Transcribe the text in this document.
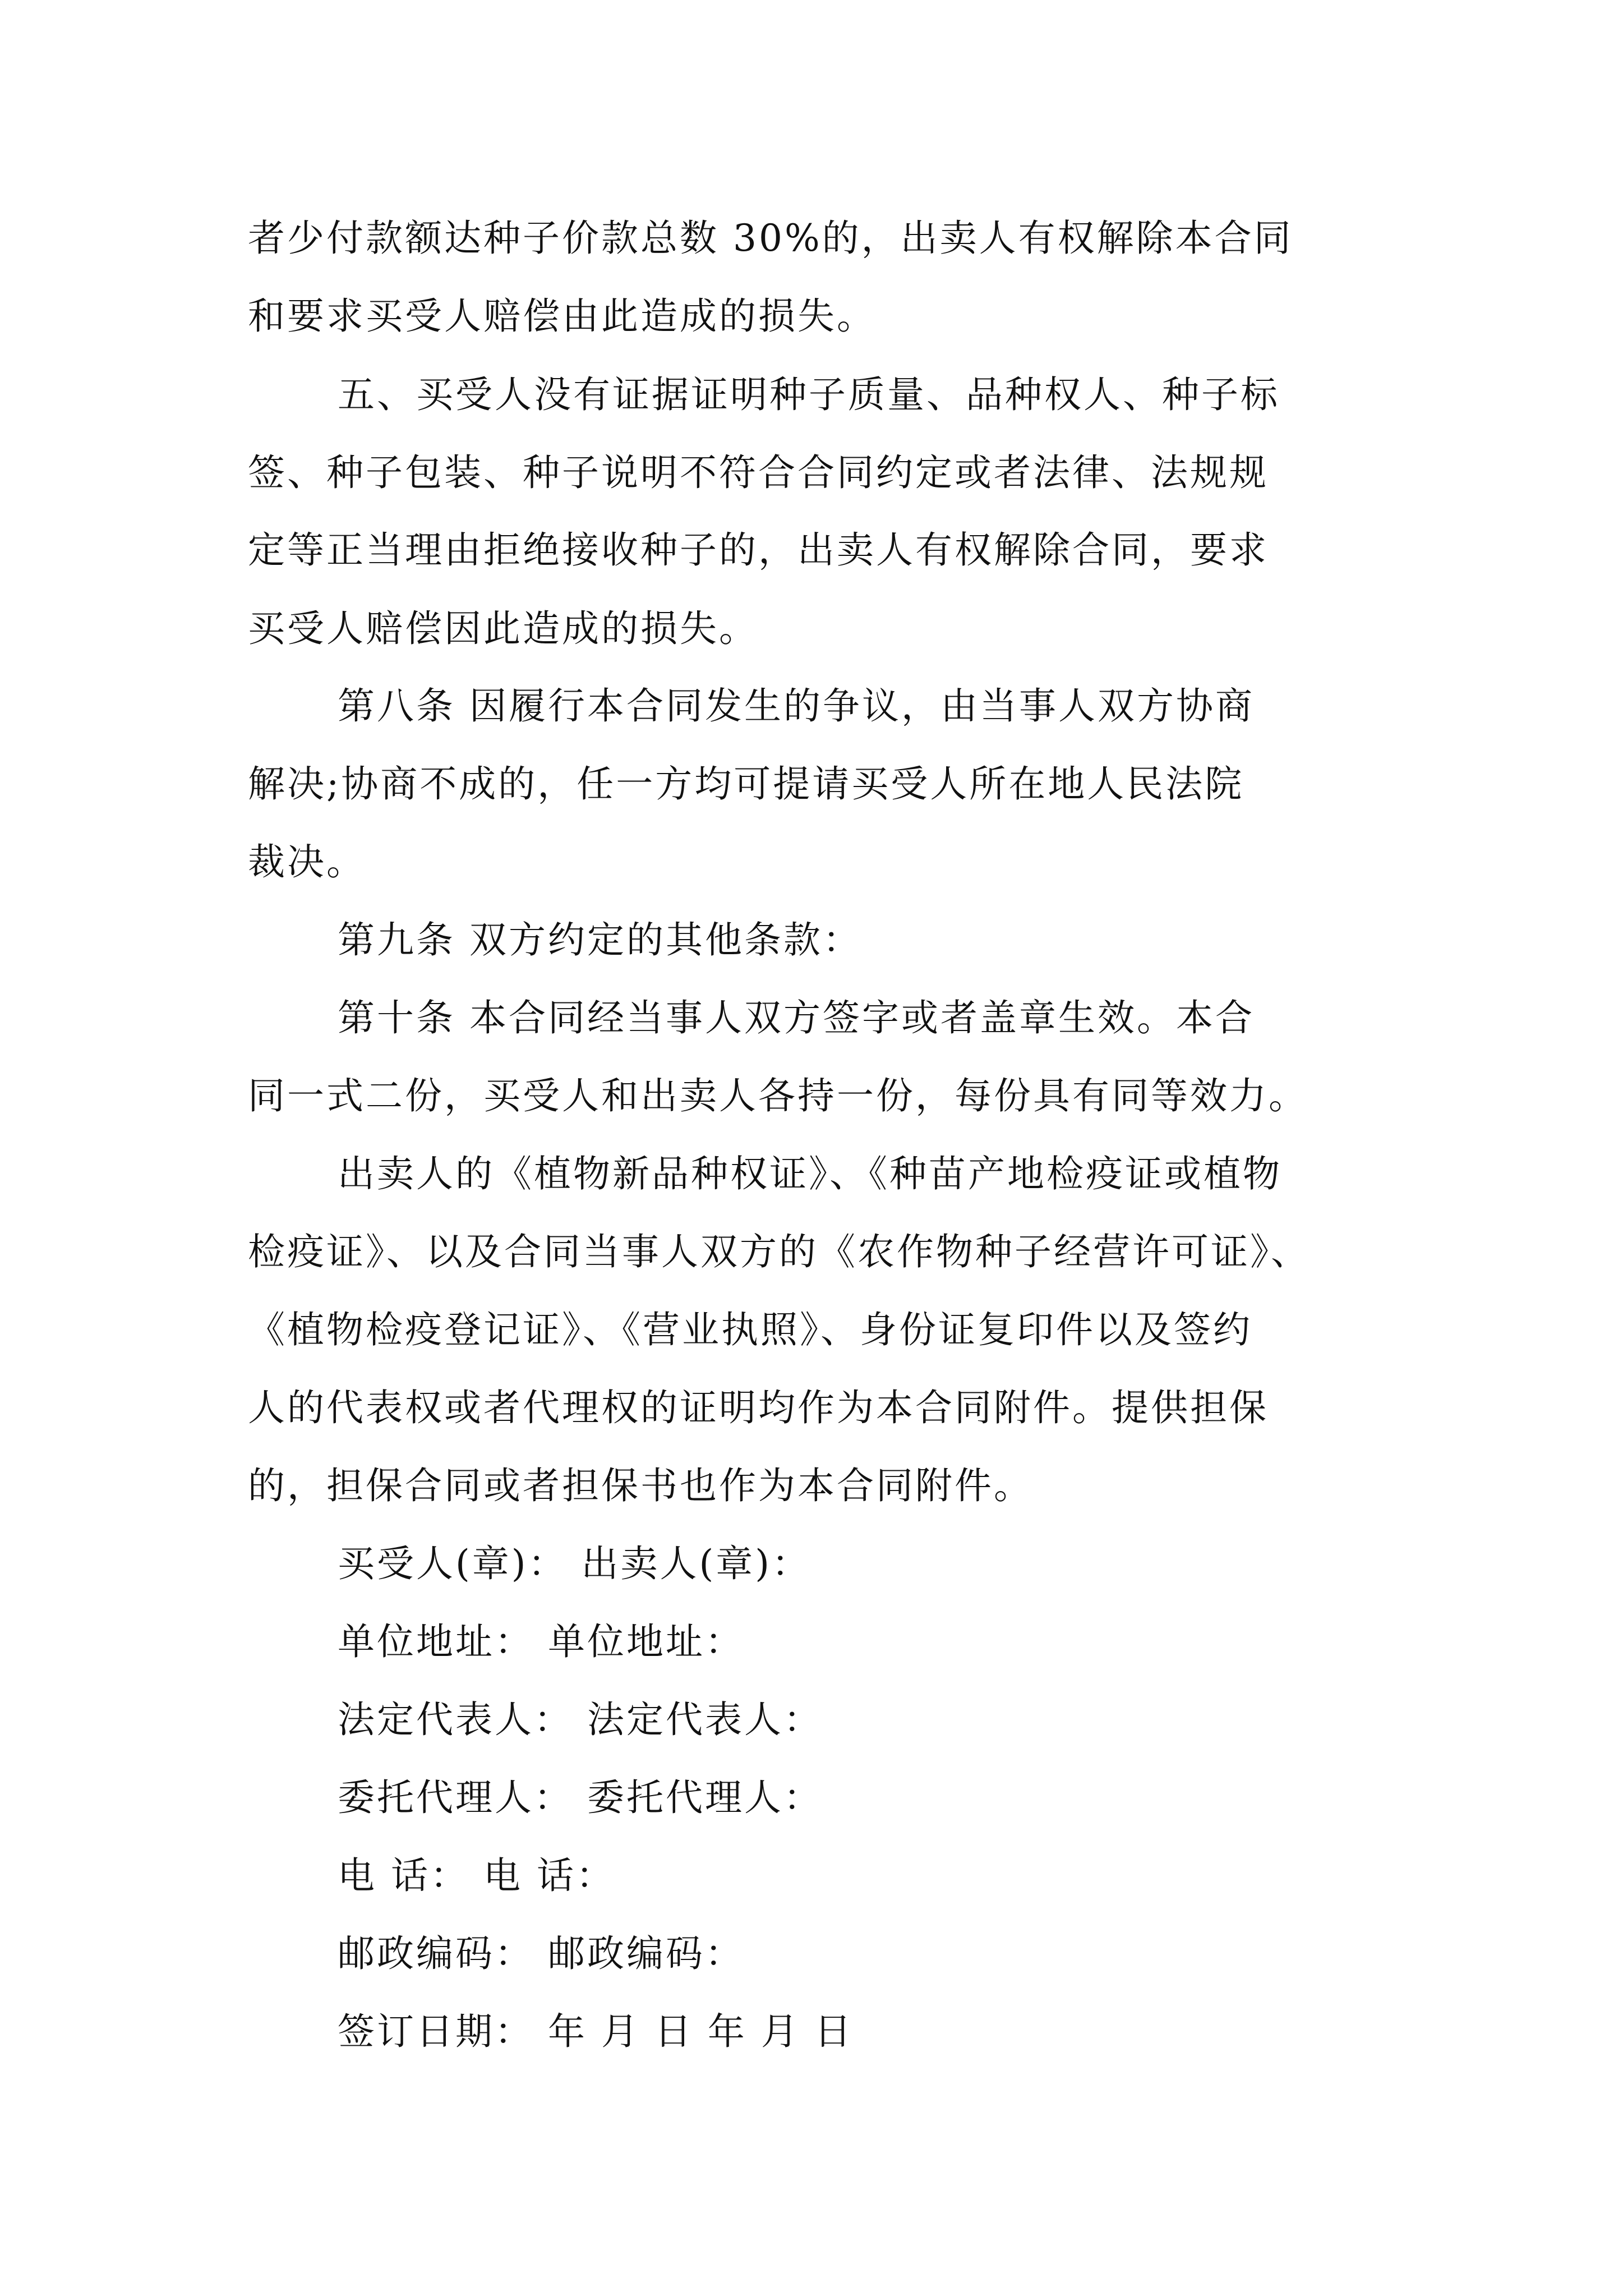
者少付款额达种子价款总数 30%的，出卖人有权解除本合同
和要求买受人赔偿由此造成的损失。
五、买受人没有证据证明种子质量、品种权人、种子标
签、种子包装、种子说明不符合合同约定或者法律、法规规
定等正当理由拒绝接收种子的，出卖人有权解除合同，要求
买受人赔偿因此造成的损失。
第八条 因履行本合同发生的争议，由当事人双方协商
解决;协商不成的，任一方均可提请买受人所在地人民法院
裁决。
第九条 双方约定的其他条款：
第十条 本合同经当事人双方签字或者盖章生效。本合
同一式二份，买受人和出卖人各持一份，每份具有同等效力。
出卖人的《植物新品种权证》、《种苗产地检疫证或植物
检疫证》、以及合同当事人双方的《农作物种子经营许可证》、
《植物检疫登记证》、《营业执照》、身份证复印件以及签约
人的代表权或者代理权的证明均作为本合同附件。提供担保
的，担保合同或者担保书也作为本合同附件。
买受人(章)： 出卖人(章)：
单位地址： 单位地址：
法定代表人： 法定代表人：
委托代理人： 委托代理人：
电 话： 电 话：
邮政编码： 邮政编码：
签订日期： 年 月 日 年 月 日
